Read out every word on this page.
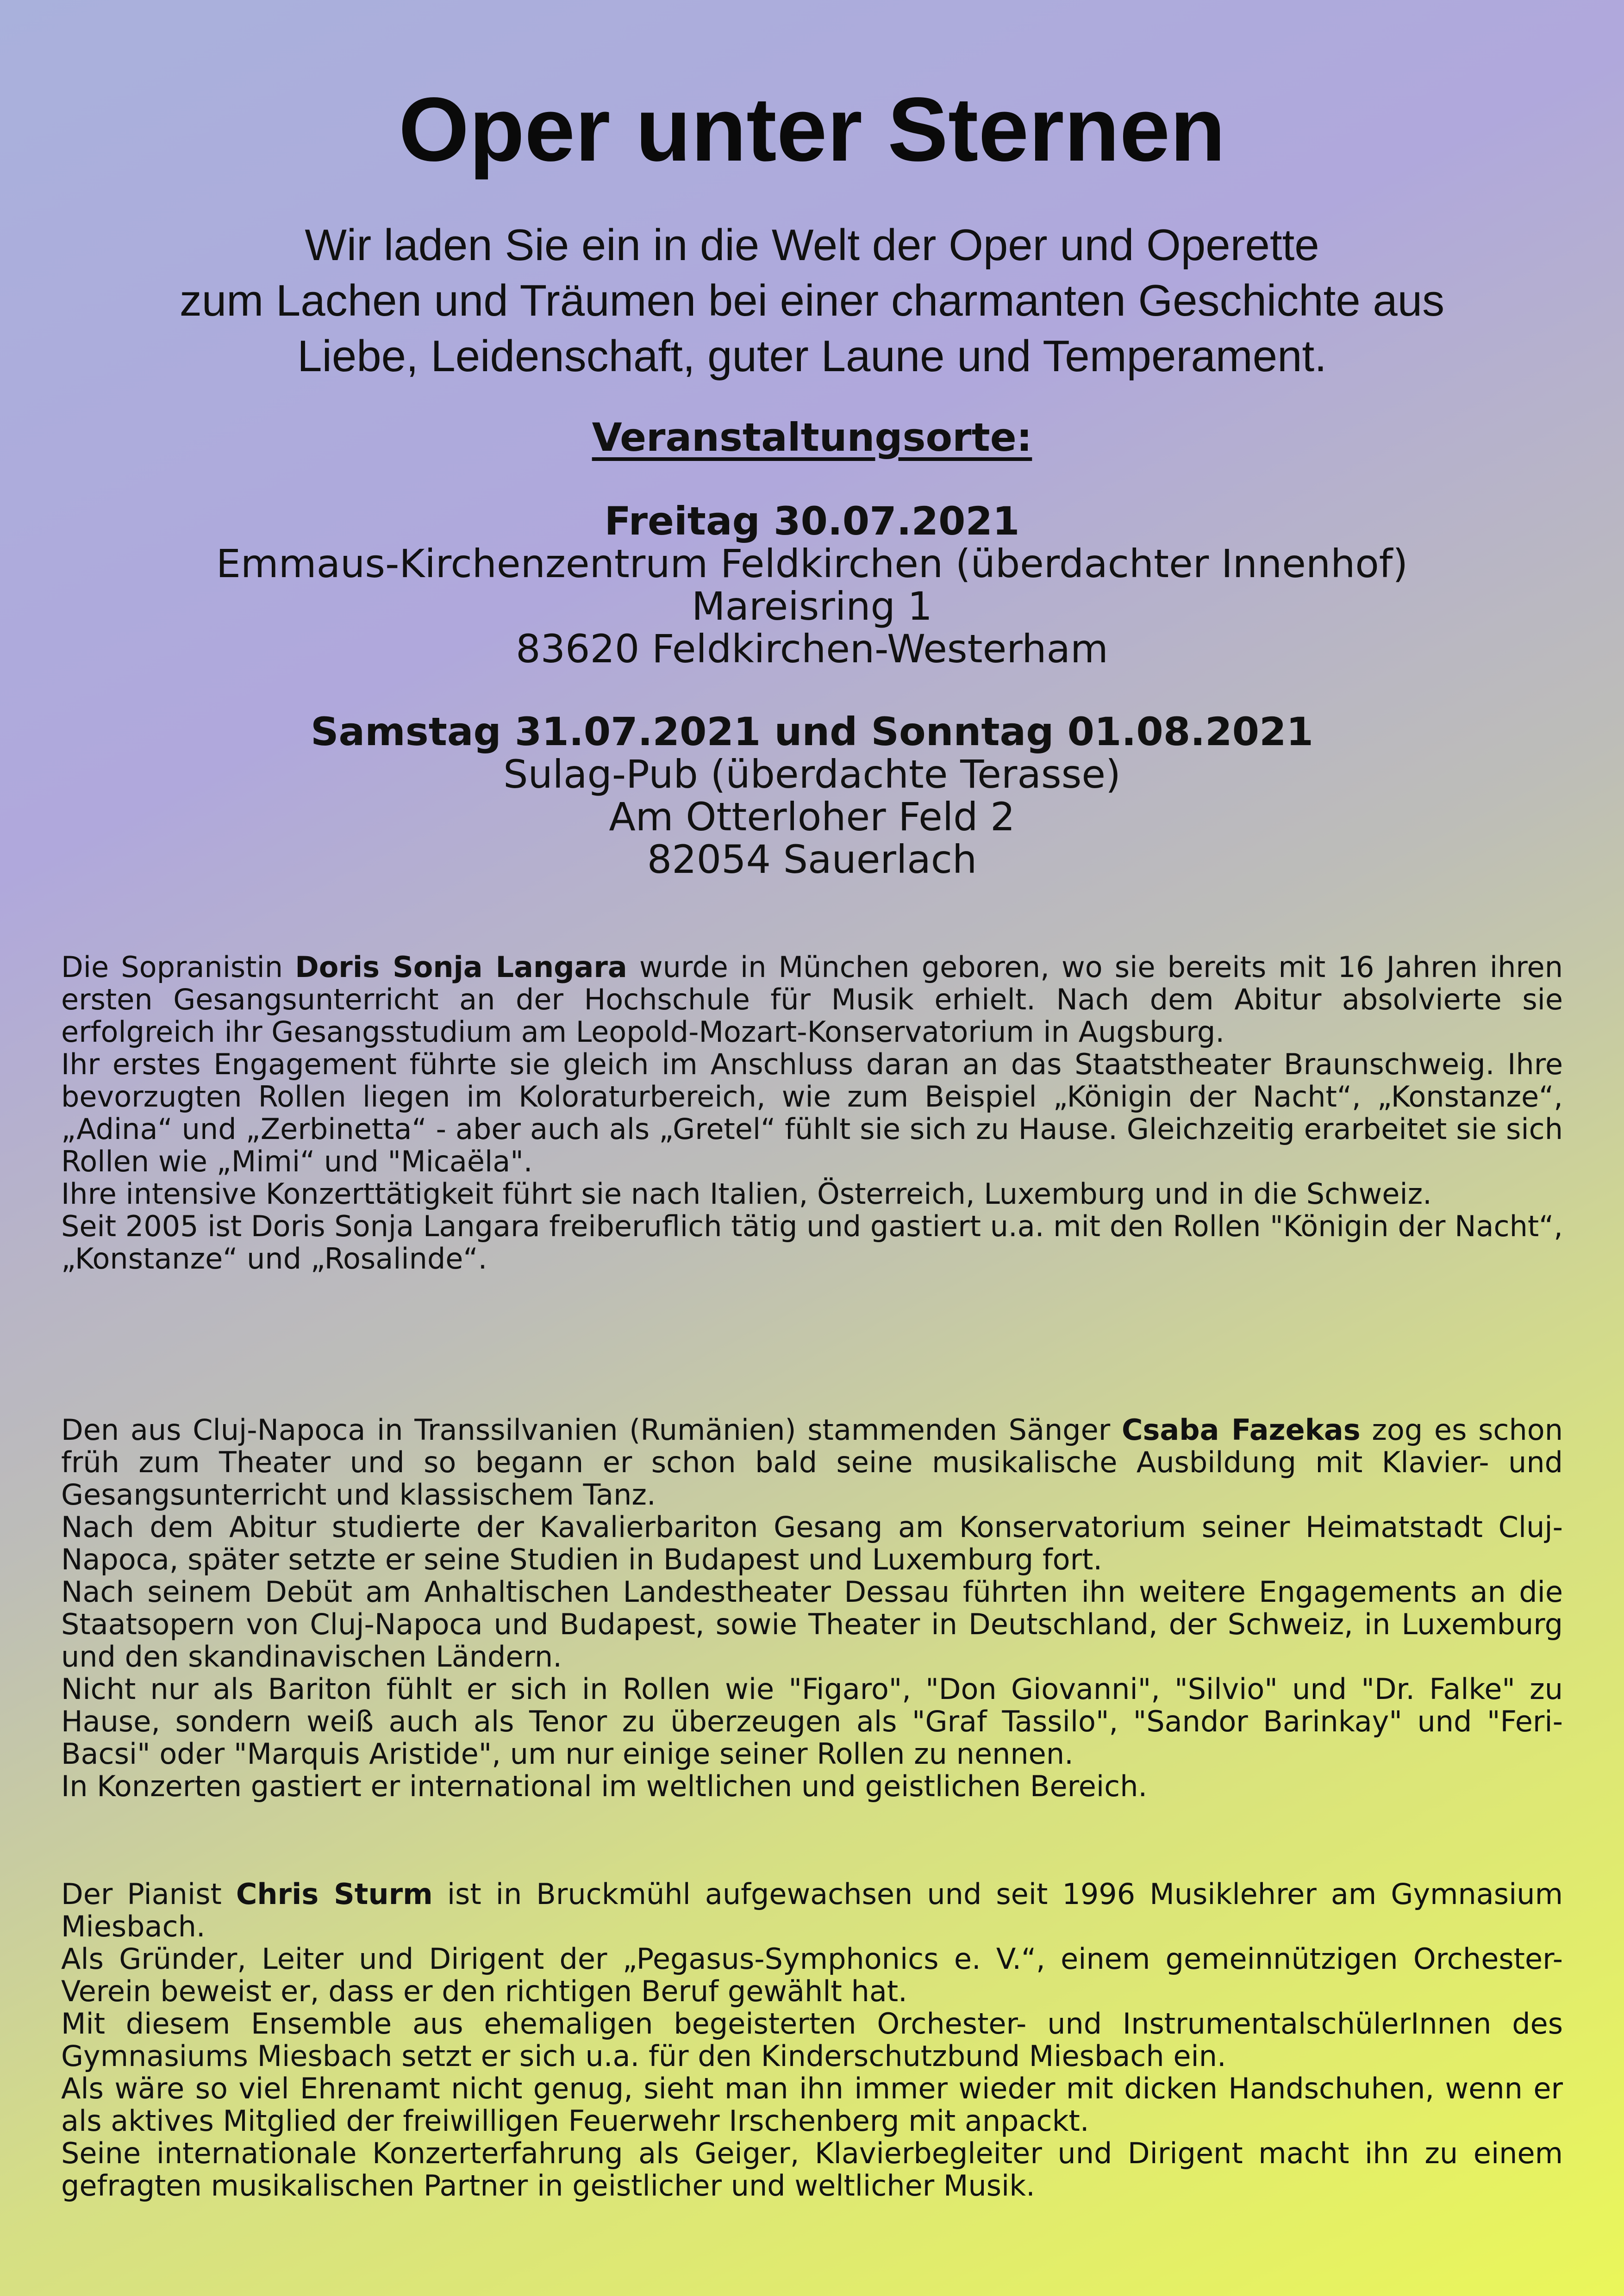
Oper unter Sternen
Wir laden Sie ein in die Welt der Oper und Operette
zum Lachen und Träumen bei einer charmanten Geschichte aus
Liebe, Leidenschaft, guter Laune und Temperament.
Veranstaltungsorte:
Freitag 30.07.2021
Emmaus-Kirchenzentrum Feldkirchen (überdachter Innenhof)
Mareisring 1
83620 Feldkirchen-Westerham
Samstag 31.07.2021 und Sonntag 01.08.2021
Sulag-Pub (überdachte Terasse)
Am Otterloher Feld 2
82054 Sauerlach

Die Sopranistin Doris Sonja Langara wurde in München geboren, wo sie bereits mit 16 Jahren ihren ersten Gesangsunterricht an der Hochschule für Musik erhielt. Nach dem Abitur absolvierte sie erfolgreich ihr Gesangsstudium am Leopold-Mozart-Konservatorium in Augsburg.

Ihr erstes Engagement führte sie gleich im Anschluss daran an das Staatstheater Braunschweig. Ihre bevorzugten Rollen liegen im Koloraturbereich, wie zum Beispiel „Königin der Nacht“, „Konstanze“, „Adina“ und „Zerbinetta“ - aber auch als „Gretel“ fühlt sie sich zu Hause. Gleichzeitig erarbeitet sie sich Rollen wie „Mimi“ und "Micaëla".

Ihre intensive Konzerttätigkeit führt sie nach Italien, Österreich, Luxemburg und in die Schweiz.

Seit 2005 ist Doris Sonja Langara freiberuflich tätig und gastiert u.a. mit den Rollen "Königin der Nacht“, „Konstanze“ und „Rosalinde“.

Den aus Cluj-Napoca in Transsilvanien (Rumänien) stammenden Sänger Csaba Fazekas zog es schon früh zum Theater und so begann er schon bald seine musikalische Ausbildung mit Klavier- und Gesangsunterricht und klassischem Tanz.

Nach dem Abitur studierte der Kavalierbariton Gesang am Konservatorium seiner Heimatstadt Cluj-Napoca, später setzte er seine Studien in Budapest und Luxemburg fort.

Nach seinem Debüt am Anhaltischen Landestheater Dessau führten ihn weitere Engagements an die Staatsopern von Cluj-Napoca und Budapest, sowie Theater in Deutschland, der Schweiz, in Luxemburg und den skandinavischen Ländern.

Nicht nur als Bariton fühlt er sich in Rollen wie "Figaro", "Don Giovanni", "Silvio" und "Dr. Falke" zu Hause, sondern weiß auch als Tenor zu überzeugen als "Graf Tassilo", "Sandor Barinkay" und "Feri-Bacsi" oder "Marquis Aristide", um nur einige seiner Rollen zu nennen.

In Konzerten gastiert er international im weltlichen und geistlichen Bereich.

Der Pianist Chris Sturm ist in Bruckmühl aufgewachsen und seit 1996 Musiklehrer am Gymnasium Miesbach.

Als Gründer, Leiter und Dirigent der „Pegasus-Symphonics e. V.“, einem gemeinnützigen Orchester-Verein beweist er, dass er den richtigen Beruf gewählt hat.

Mit diesem Ensemble aus ehemaligen begeisterten Orchester- und InstrumentalschülerInnen des Gymnasiums Miesbach setzt er sich u.a. für den Kinderschutzbund Miesbach ein.

Als wäre so viel Ehrenamt nicht genug, sieht man ihn immer wieder mit dicken Handschuhen, wenn er als aktives Mitglied der freiwilligen Feuerwehr Irschenberg mit anpackt.

Seine internationale Konzerterfahrung als Geiger, Klavierbegleiter und Dirigent macht ihn zu einem gefragten musikalischen Partner in geistlicher und weltlicher Musik.
